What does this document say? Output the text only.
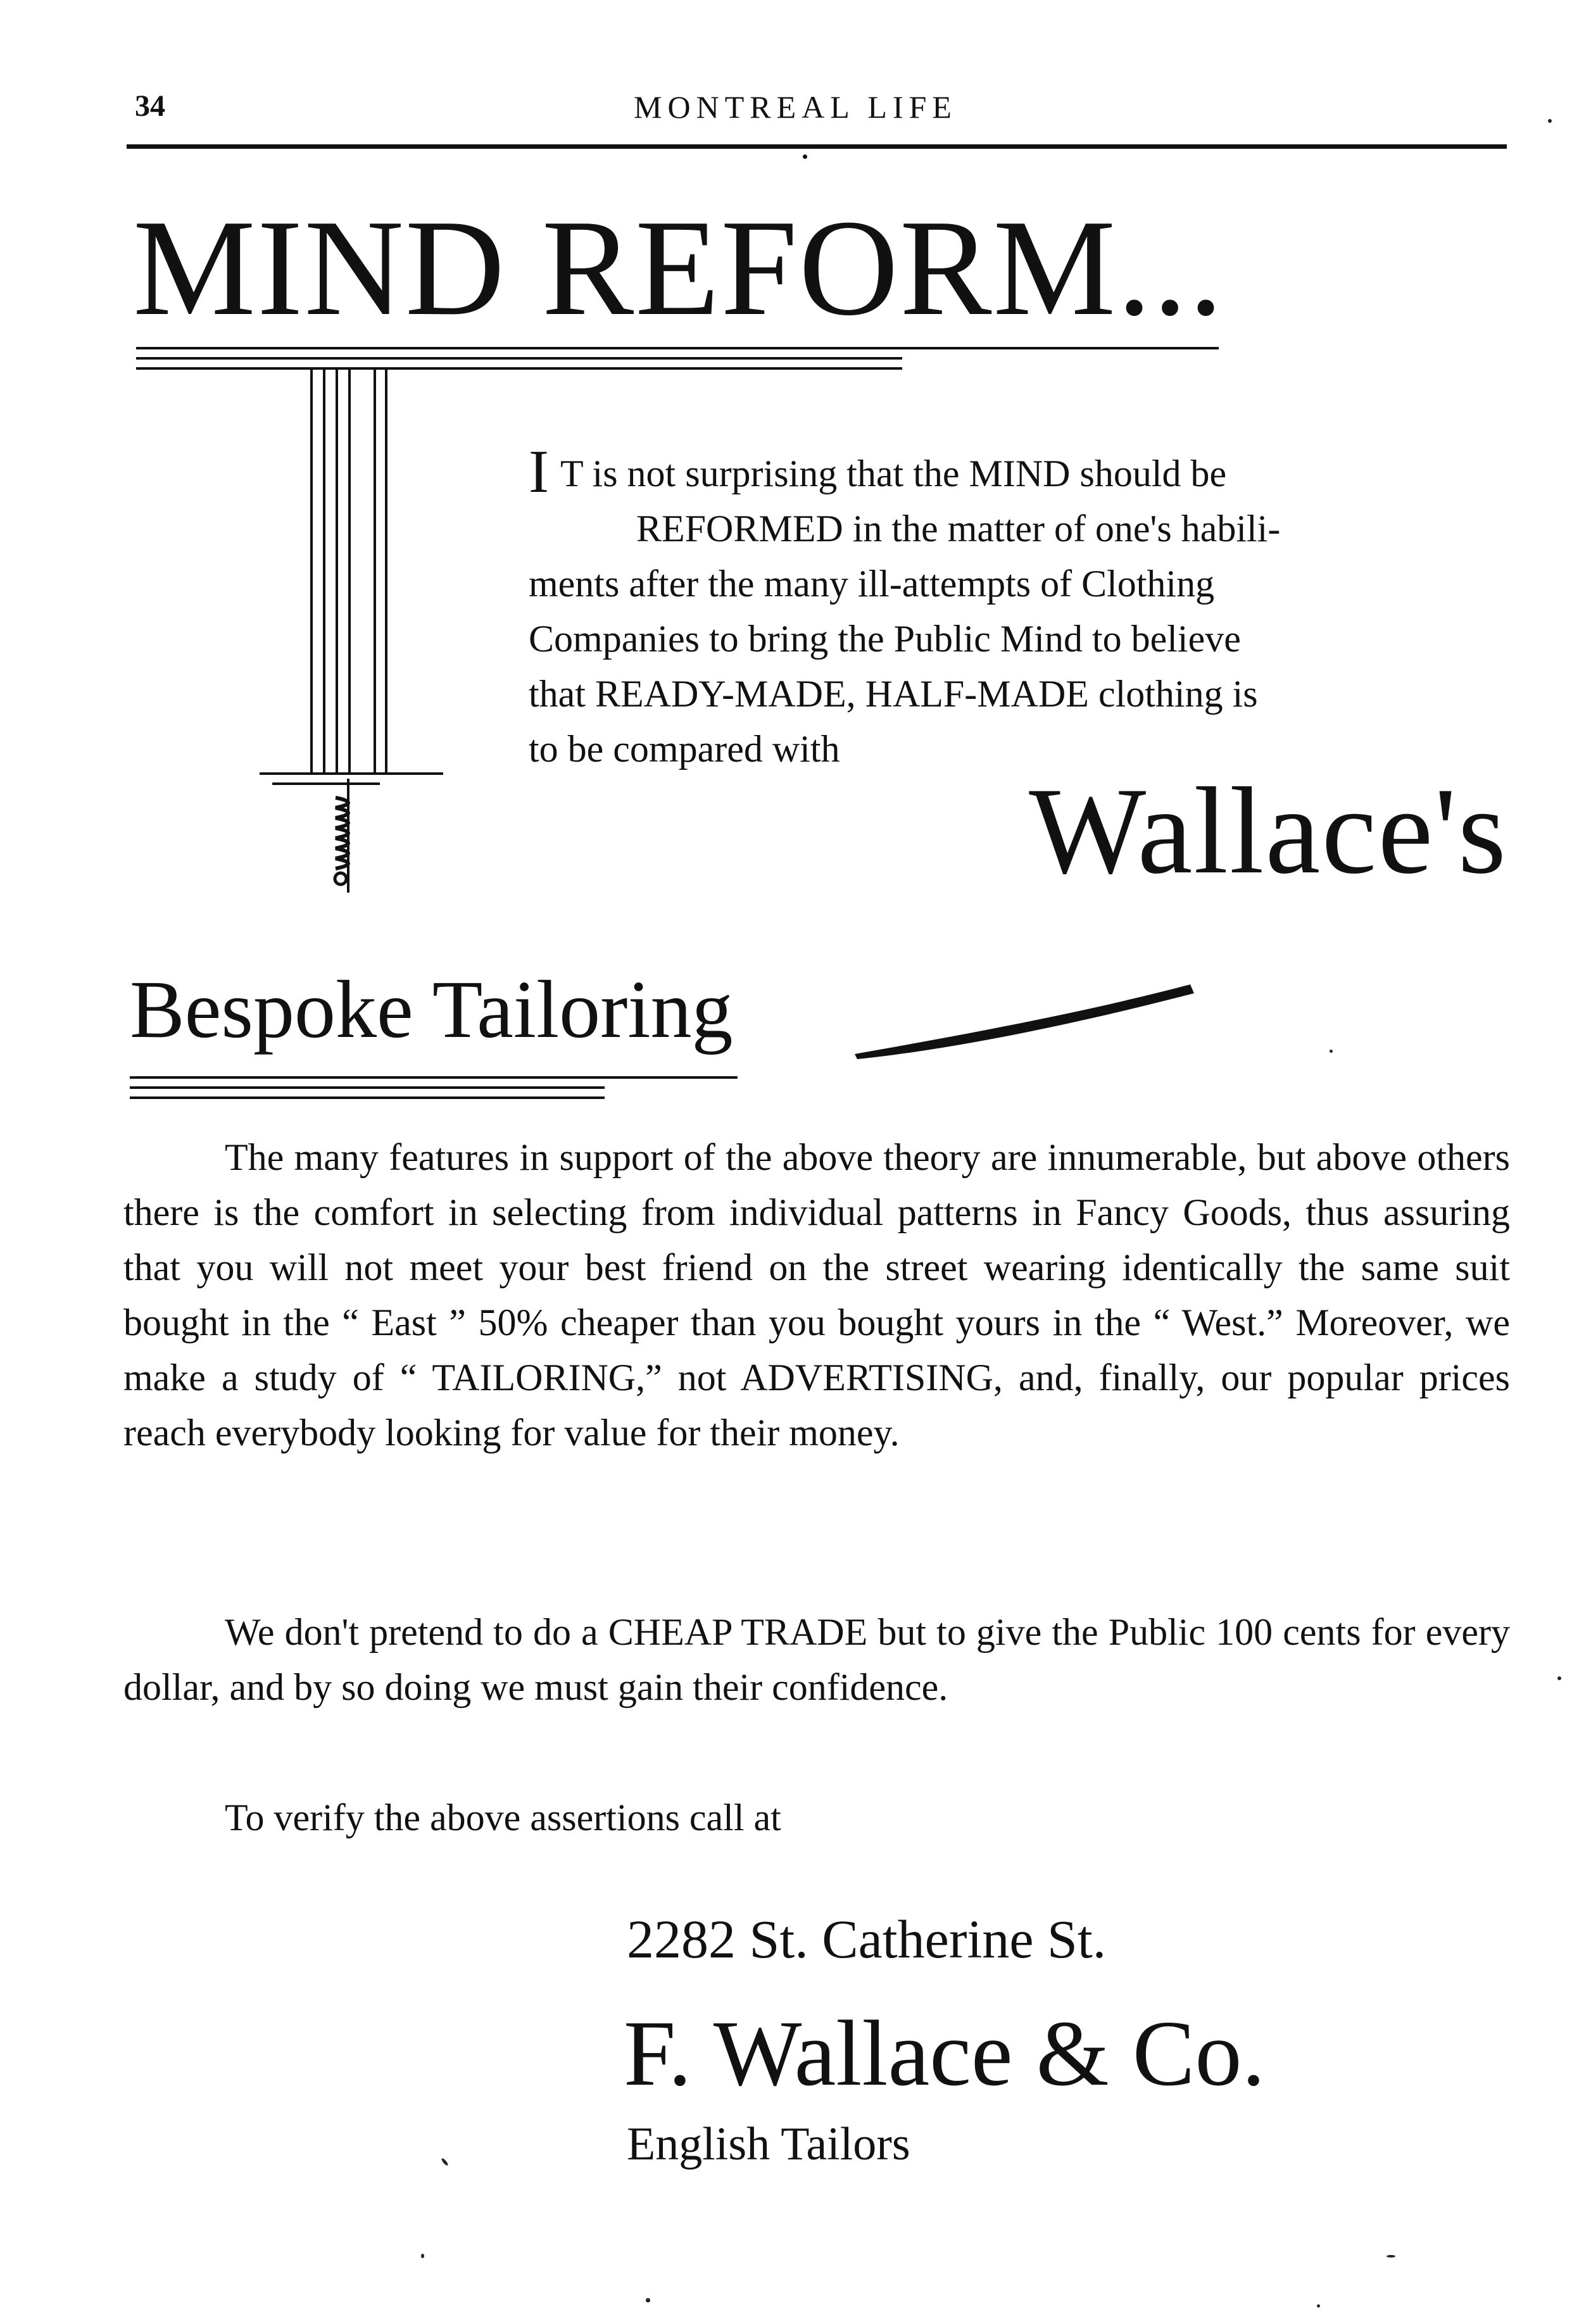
34	MONTREAL LIFE
MIND REFORM...
I T is not surprising that the MIND should be
REFORMED in the matter of one's habili-
ments after the many ill-attempts of Clothing
Companies to bring the Public Mind to believe
that READY-MADE, HALF-MADE clothing is
to be compared with
Wallace's
Bespoke Tailoring

The many features in support of the above theory are innumerable, but above others there is the comfort in selecting from individual patterns in Fancy Goods, thus assuring that you will not meet your best friend on the street wearing identically the same suit bought in the “ East ” 50% cheaper than you bought yours in the “ West.” Moreover, we make a study of “ TAILORING,” not ADVERTISING, and, finally, our popular prices reach everybody looking for value for their money.

We don't pretend to do a CHEAP TRADE but to give the Public 100 cents for every dollar, and by so doing we must gain their confidence.

To verify the above assertions call at

2282 St. Catherine St.
F. Wallace & Co.
English Tailors
